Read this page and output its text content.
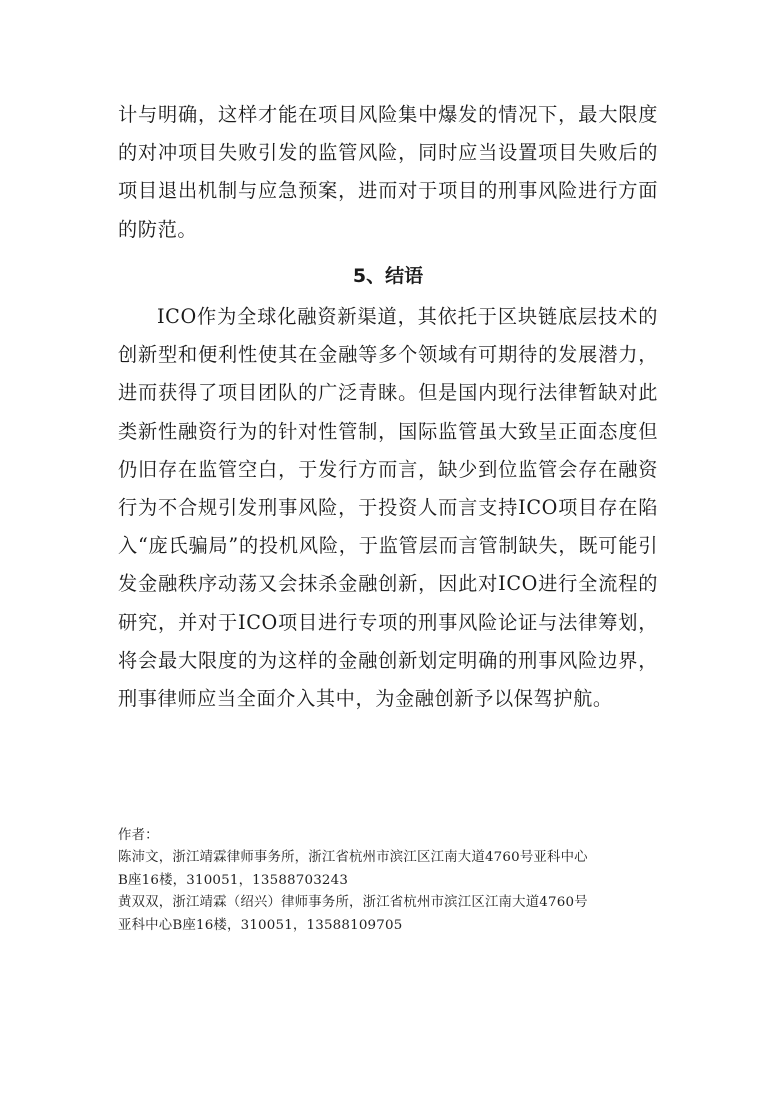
计与明确，这样才能在项目风险集中爆发的情况下，最大限度的对冲项目失败引发的监管风险，同时应当设置项目失败后的项目退出机制与应急预案，进而对于项目的刑事风险进行方面的防范。

5、结语

ICO作为全球化融资新渠道，其依托于区块链底层技术的创新型和便利性使其在金融等多个领域有可期待的发展潜力，进而获得了项目团队的广泛青睐。但是国内现行法律暂缺对此类新性融资行为的针对性管制，国际监管虽大致呈正面态度但仍旧存在监管空白，于发行方而言，缺少到位监管会存在融资行为不合规引发刑事风险，于投资人而言支持ICO项目存在陷入“庞氏骗局”的投机风险，于监管层而言管制缺失，既可能引发金融秩序动荡又会抹杀金融创新，因此对ICO进行全流程的研究，并对于ICO项目进行专项的刑事风险论证与法律筹划，将会最大限度的为这样的金融创新划定明确的刑事风险边界，刑事律师应当全面介入其中，为金融创新予以保驾护航。

作者：
陈沛文，浙江靖霖律师事务所，浙江省杭州市滨江区江南大道4760号亚科中心
B座16楼，310051，13588703243
黄双双，浙江靖霖（绍兴）律师事务所，浙江省杭州市滨江区江南大道4760号
亚科中心B座16楼，310051，13588109705
